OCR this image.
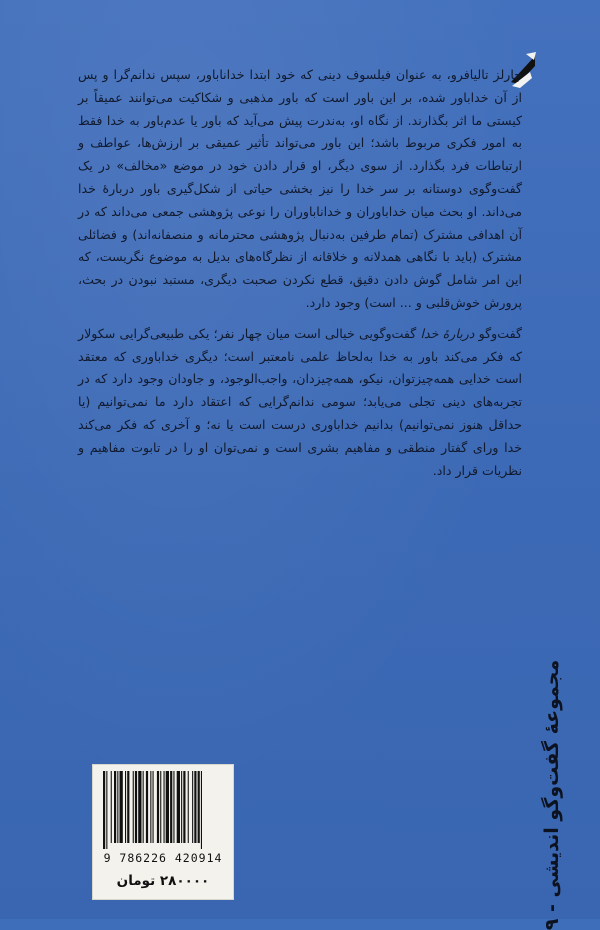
چارلز تالیافرو، به عنوان فیلسوف دینی که خود ابتدا خداناباور، سپس ندانم‌گرا و پس از آن خداباور شده، بر این باور است که باور مذهبی و شکاکیت می‌توانند عمیقاً بر کیستی ما اثر بگذارند. از نگاه او، به‌ندرت پیش می‌آید که باور یا عدم‌باور به خدا فقط به امور فکری مربوط باشد؛ این باور می‌تواند تأثیر عمیقی بر ارزش‌ها، عواطف و ارتباطات فرد بگذارد. از سوی دیگر، او قرار دادن خود در موضع «مخالف» در یک گفت‌وگوی دوستانه بر سر خدا را نیز بخشی حیاتی از شکل‌گیری باور دربارهٔ خدا می‌داند. او بحث میان خداباوران و خداناباوران را نوعی پژوهشی جمعی می‌داند که در آن اهدافی مشترک (تمام طرفین به‌دنبال پژوهشی محترمانه و منصفانه‌اند) و فضائلی مشترک (باید با نگاهی همدلانه و خلاقانه از نظرگاه‌های بدیل به موضوع نگریست، که این امر شامل گوش دادن دقیق، قطع نکردن صحبت دیگری، مستبد نبودن در بحث، پرورش خوش‌قلبی و ... است) وجود دارد.

گفت‌وگو دربارهٔ خدا گفت‌وگویی خیالی است میان چهار نفر؛ یکی طبیعی‌گرایی سکولار که فکر می‌کند باور به خدا به‌لحاظ علمی نامعتبر است؛ دیگری خداباوری که معتقد است خدایی همه‌چیزتوان، نیکو، همه‌چیزدان، واجب‌الوجود، و جاودان وجود دارد که در تجربه‌های دینی تجلی می‌یابد؛ سومی ندانم‌گرایی که اعتقاد دارد ما نمی‌توانیم (یا حداقل هنوز نمی‌توانیم) بدانیم خداباوری درست است یا نه؛ و آخری که فکر می‌کند خدا ورای گفتار منطقی و مفاهیم بشری است و نمی‌توان او را در تابوت مفاهیم و نظریات قرار داد.

مجموعهٔ گفت‌وگو اندیشی - ۹
9 786226 420914
۲۸۰۰۰۰ تومان
